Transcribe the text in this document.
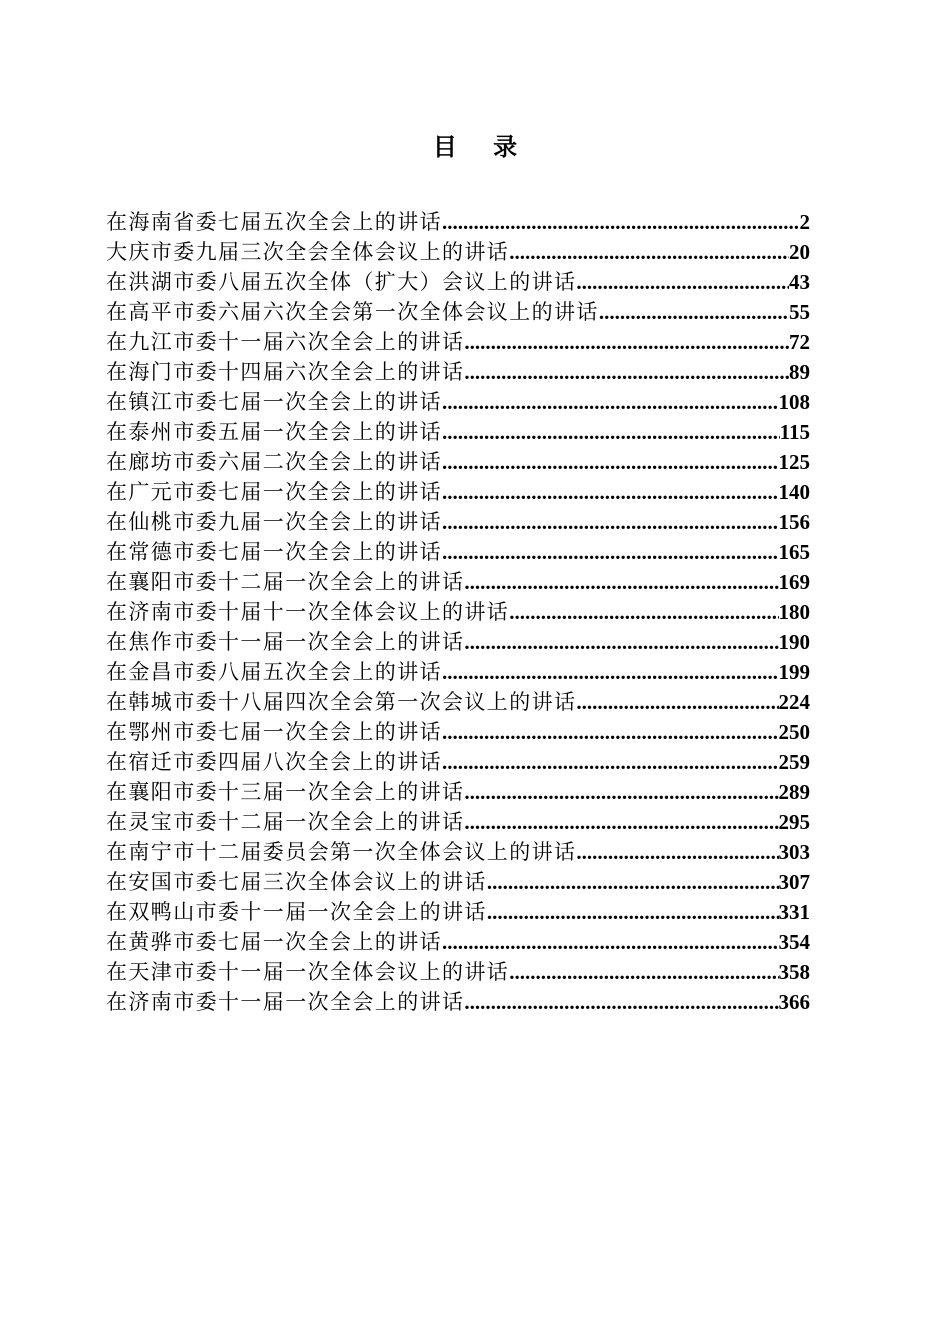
目 录
在海南省委七届五次全会上的讲话 .....	2
大庆市委九届三次全会全体会议上的讲话 .....	20
在洪湖市委八届五次全体（扩大）会议上的讲话 .....	43
在高平市委六届六次全会第一次全体会议上的讲话 .....	55
在九江市委十一届六次全会上的讲话 .....	72
在海门市委十四届六次全会上的讲话 .....	89
在镇江市委七届一次全会上的讲话 .....	108
在泰州市委五届一次全会上的讲话 .....	115
在廊坊市委六届二次全会上的讲话 .....	125
在广元市委七届一次全会上的讲话 .....	140
在仙桃市委九届一次全会上的讲话 .....	156
在常德市委七届一次全会上的讲话 .....	165
在襄阳市委十二届一次全会上的讲话 .....	169
在济南市委十届十一次全体会议上的讲话 .....	180
在焦作市委十一届一次全会上的讲话 .....	190
在金昌市委八届五次全会上的讲话 .....	199
在韩城市委十八届四次全会第一次会议上的讲话 .....	224
在鄂州市委七届一次全会上的讲话 .....	250
在宿迁市委四届八次全会上的讲话 .....	259
在襄阳市委十三届一次全会上的讲话 .....	289
在灵宝市委十二届一次全会上的讲话 .....	295
在南宁市十二届委员会第一次全体会议上的讲话 .....	303
在安国市委七届三次全体会议上的讲话 .....	307
在双鸭山市委十一届一次全会上的讲话 .....	331
在黄骅市委七届一次全会上的讲话 .....	354
在天津市委十一届一次全体会议上的讲话 .....	358
在济南市委十一届一次全会上的讲话 .....	366
